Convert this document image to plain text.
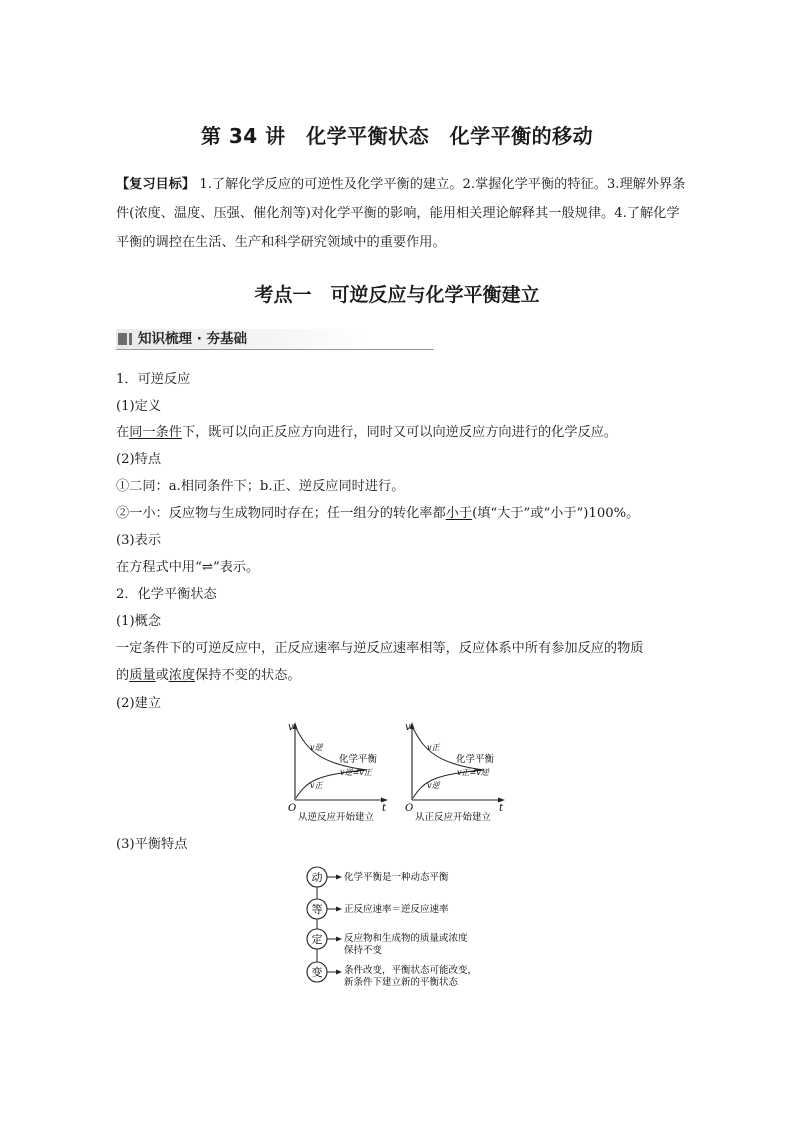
第 34 讲　化学平衡状态　化学平衡的移动
【复习目标】 1.了解化学反应的可逆性及化学平衡的建立。2.掌握化学平衡的特征。3.理解外界条件(浓度、温度、压强、催化剂等)对化学平衡的影响，能用相关理论解释其一般规律。4.了解化学平衡的调控在生活、生产和科学研究领域中的重要作用。
考点一　可逆反应与化学平衡建立
知识梳理 · 夯基础
1．可逆反应
(1)定义
在同一条件下，既可以向正反应方向进行，同时又可以向逆反应方向进行的化学反应。
(2)特点
①二同：a.相同条件下；b.正、逆反应同时进行。
②一小：反应物与生成物同时存在；任一组分的转化率都小于(填“大于”或“小于”)100%。
(3)表示
在方程式中用“⇌”表示。
2．化学平衡状态
(1)概念
一定条件下的可逆反应中，正反应速率与逆反应速率相等，反应体系中所有参加反应的物质
的质量或浓度保持不变的状态。
(2)建立
v
t
O
v逆
v正
化学平衡
v逆=v正
从逆反应开始建立
v
t
O
v正
v逆
化学平衡
v正=v逆
从正反应开始建立
(3)平衡特点
动 化学平衡是一种动态平衡
等 正反应速率＝逆反应速率
定 反应物和生成物的质量或浓度
保持不变
变 条件改变，平衡状态可能改变，
新条件下建立新的平衡状态
